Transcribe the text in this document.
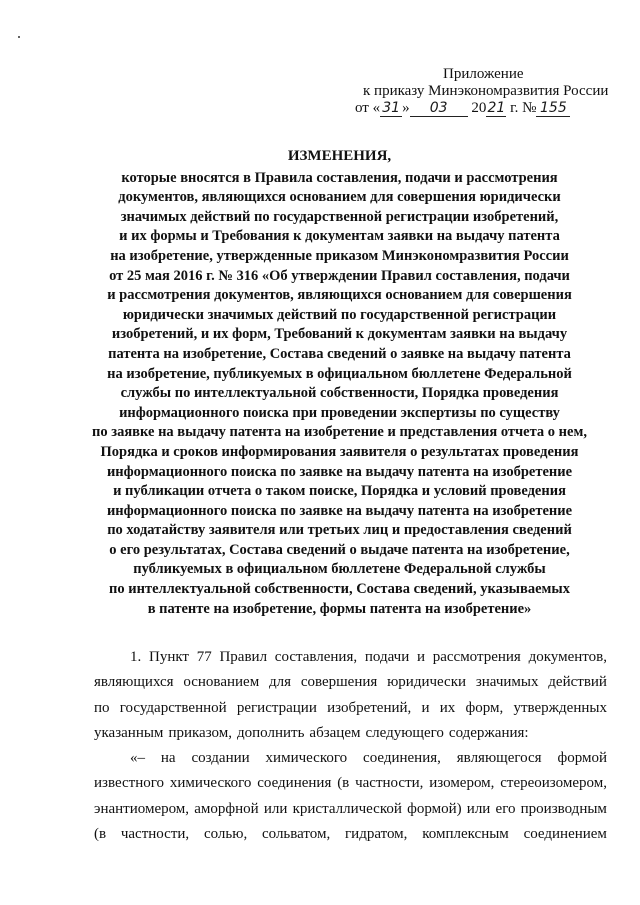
Приложение
к приказу Минэкономразвития России
от « 31 » 03 2021 г. № 155
ИЗМЕНЕНИЯ,
которые вносятся в Правила составления, подачи и рассмотрения
документов, являющихся основанием для совершения юридически
значимых действий по государственной регистрации изобретений,
и их формы и Требования к документам заявки на выдачу патента
на изобретение, утвержденные приказом Минэкономразвития России
от 25 мая 2016 г. № 316 «Об утверждении Правил составления, подачи
и рассмотрения документов, являющихся основанием для совершения
юридически значимых действий по государственной регистрации
изобретений, и их форм, Требований к документам заявки на выдачу
патента на изобретение, Состава сведений о заявке на выдачу патента
на изобретение, публикуемых в официальном бюллетене Федеральной
службы по интеллектуальной собственности, Порядка проведения
информационного поиска при проведении экспертизы по существу
по заявке на выдачу патента на изобретение и представления отчета о нем,
Порядка и сроков информирования заявителя о результатах проведения
информационного поиска по заявке на выдачу патента на изобретение
и публикации отчета о таком поиске, Порядка и условий проведения
информационного поиска по заявке на выдачу патента на изобретение
по ходатайству заявителя или третьих лиц и предоставления сведений
о его результатах, Состава сведений о выдаче патента на изобретение,
публикуемых в официальном бюллетене Федеральной службы
по интеллектуальной собственности, Состава сведений, указываемых
в патенте на изобретение, формы патента на изобретение»
1. Пункт 77 Правил составления, подачи и рассмотрения документов,
являющихся основанием для совершения юридически значимых действий
по государственной регистрации изобретений, и их форм, утвержденных
указанным приказом, дополнить абзацем следующего содержания:
«– на создании химического соединения, являющегося формой
известного химического соединения (в частности, изомером, стереоизомером,
энантиомером, аморфной или кристаллической формой) или его производным
(в частности, солью, сольватом, гидратом, комплексным соединением
